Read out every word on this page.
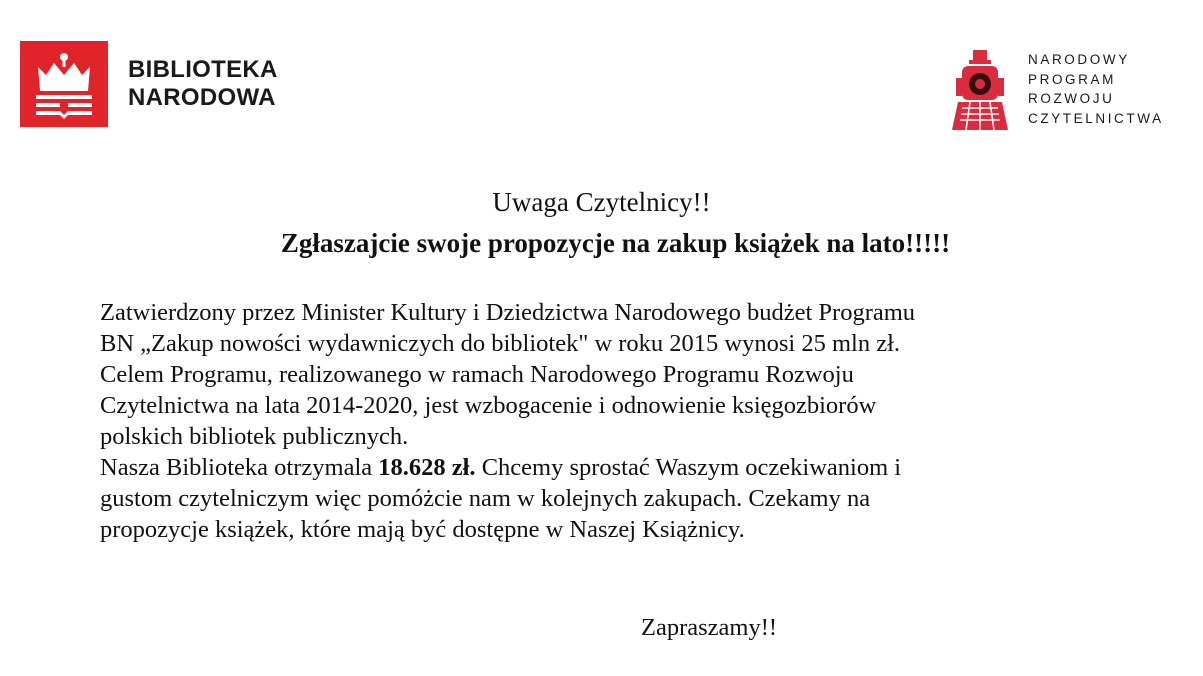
BIBLIOTEKA
NARODOWA
NARODOWY
PROGRAM
ROZWOJU
CZYTELNICTWA
Uwaga Czytelnicy!!
Zgłaszajcie swoje propozycje na zakup książek na lato!!!!!
Zatwierdzony przez Minister Kultury i Dziedzictwa Narodowego budżet Programu
BN „Zakup nowości wydawniczych do bibliotek" w roku 2015 wynosi 25 mln zł.
Celem Programu, realizowanego w ramach Narodowego Programu Rozwoju
Czytelnictwa na lata 2014-2020, jest wzbogacenie i odnowienie księgozbiorów
polskich bibliotek publicznych.
Nasza Biblioteka otrzymala 18.628 zł. Chcemy sprostać Waszym oczekiwaniom i
gustom czytelniczym więc pomóżcie nam w kolejnych zakupach. Czekamy na
propozycje książek, które mają być dostępne w Naszej Książnicy.
Zapraszamy!!
